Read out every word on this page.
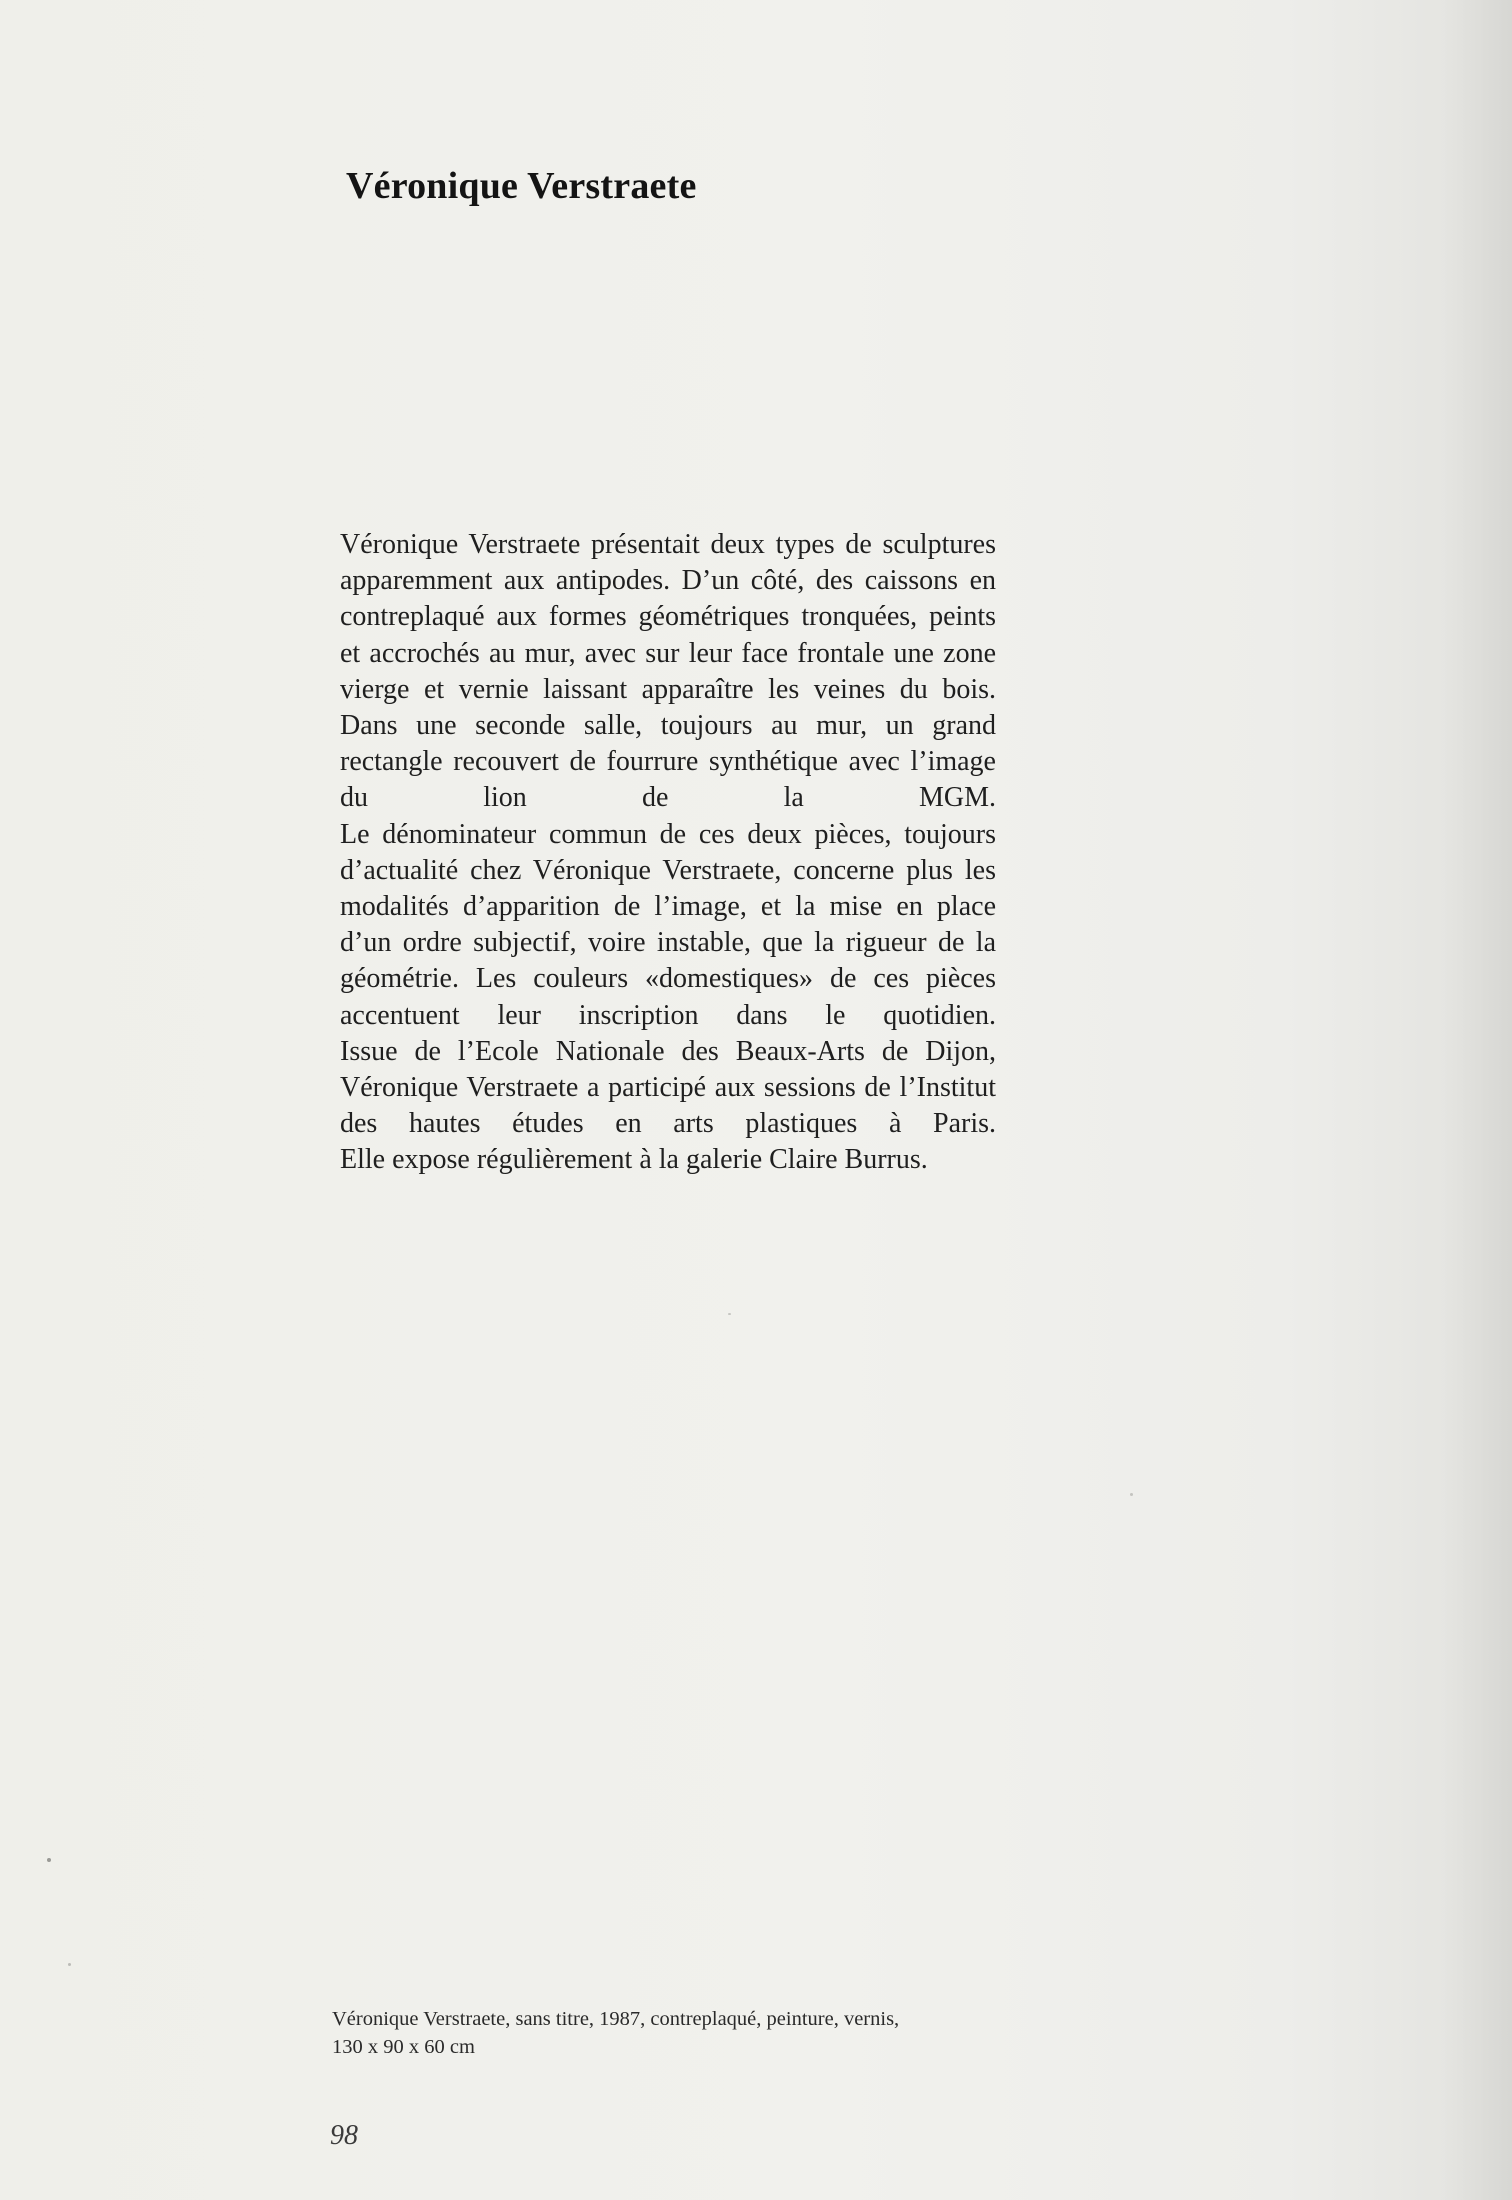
Véronique Verstraete

Véronique Verstraete présentait deux types de sculptures apparemment aux antipodes. D’un côté, des caissons en contreplaqué aux formes géométriques tronquées, peints et accrochés au mur, avec sur leur face frontale une zone vierge et vernie laissant apparaître les veines du bois. Dans une seconde salle, toujours au mur, un grand rectangle recouvert de fourrure synthétique avec l’image du lion de la MGM.

Le dénominateur commun de ces deux pièces, toujours d’actualité chez Véronique Verstraete, concerne plus les modalités d’apparition de l’image, et la mise en place d’un ordre subjectif, voire instable, que la rigueur de la géométrie. Les couleurs «domestiques» de ces pièces accentuent leur inscription dans le quotidien.

Issue de l’Ecole Nationale des Beaux-Arts de Dijon, Véronique Verstraete a participé aux sessions de l’Institut des hautes études en arts plastiques à Paris.

Elle expose régulièrement à la galerie Claire Burrus.

Véronique Verstraete, sans titre, 1987, contreplaqué, peinture, vernis,
130 x 90 x 60 cm

98
